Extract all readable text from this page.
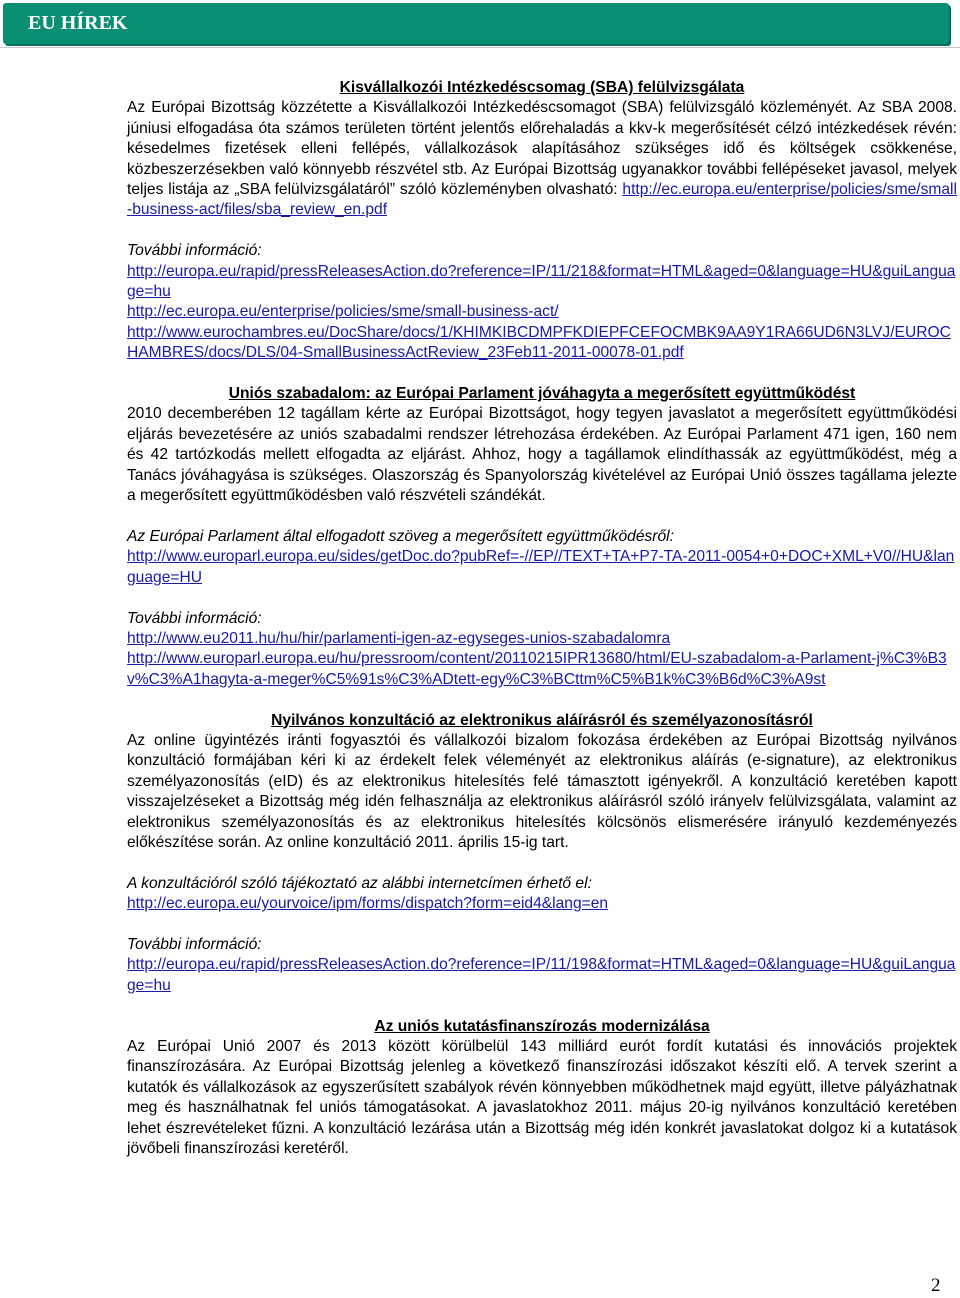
EU HÍREK
Kisvállalkozói Intézkedéscsomag (SBA) felülvizsgálata

Az Európai Bizottság közzétette a Kisvállalkozói Intézkedéscsomagot (SBA) felülvizsgáló közleményét. Az SBA 2008. júniusi elfogadása óta számos területen történt jelentős előrehaladás a kkv-k megerősítését célzó intézkedések révén: késedelmes fizetések elleni fellépés, vállalkozások alapításához szükséges idő és költségek csökkenése, közbeszerzésekben való könnyebb részvétel stb. Az Európai Bizottság ugyanakkor további fellépéseket javasol, melyek teljes listája az „SBA felülvizsgálatáról” szóló közleményben olvasható: http://ec.europa.eu/enterprise/policies/sme/small-business-act/files/sba_review_en.pdf

További információ:

http://europa.eu/rapid/pressReleasesAction.do?reference=IP/11/218&format=HTML&aged=0&language=HU&guiLanguage=hu

http://ec.europa.eu/enterprise/policies/sme/small-business-act/

http://www.eurochambres.eu/DocShare/docs/1/KHIMKIBCDMPFKDIEPFCEFOCMBK9AA9Y1RA66UD6N3LVJ/EUROCHAMBRES/docs/DLS/04-SmallBusinessActReview_23Feb11-2011-00078-01.pdf

Uniós szabadalom: az Európai Parlament jóváhagyta a megerősített együttműködést

2010 decemberében 12 tagállam kérte az Európai Bizottságot, hogy tegyen javaslatot a megerősített együttműködési eljárás bevezetésére az uniós szabadalmi rendszer létrehozása érdekében. Az Európai Parlament 471 igen, 160 nem és 42 tartózkodás mellett elfogadta az eljárást. Ahhoz, hogy a tagállamok elindíthassák az együttműködést, még a Tanács jóváhagyása is szükséges. Olaszország és Spanyolország kivételével az Európai Unió összes tagállama jelezte a megerősített együttműködésben való részvételi szándékát.

Az Európai Parlament által elfogadott szöveg a megerősített együttműködésről:

http://www.europarl.europa.eu/sides/getDoc.do?pubRef=-//EP//TEXT+TA+P7-TA-2011-0054+0+DOC+XML+V0//HU&language=HU

További információ:

http://www.eu2011.hu/hu/hir/parlamenti-igen-az-egyseges-unios-szabadalomra

http://www.europarl.europa.eu/hu/pressroom/content/20110215IPR13680/html/EU-szabadalom-a-Parlament-j%C3%B3v%C3%A1hagyta-a-meger%C5%91s%C3%ADtett-egy%C3%BCttm%C5%B1k%C3%B6d%C3%A9st

Nyilvános konzultáció az elektronikus aláírásról és személyazonosításról

Az online ügyintézés iránti fogyasztói és vállalkozói bizalom fokozása érdekében az Európai Bizottság nyilvános konzultáció formájában kéri ki az érdekelt felek véleményét az elektronikus aláírás (e-signature), az elektronikus személyazonosítás (eID) és az elektronikus hitelesítés felé támasztott igényekről. A konzultáció keretében kapott visszajelzéseket a Bizottság még idén felhasználja az elektronikus aláírásról szóló irányelv felülvizsgálata, valamint az elektronikus személyazonosítás és az elektronikus hitelesítés kölcsönös elismerésére irányuló kezdeményezés előkészítése során. Az online konzultáció 2011. április 15-ig tart.

A konzultációról szóló tájékoztató az alábbi internetcímen érhető el:

http://ec.europa.eu/yourvoice/ipm/forms/dispatch?form=eid4&lang=en

További információ:

http://europa.eu/rapid/pressReleasesAction.do?reference=IP/11/198&format=HTML&aged=0&language=HU&guiLanguage=hu

Az uniós kutatásfinanszírozás modernizálása

Az Európai Unió 2007 és 2013 között körülbelül 143 milliárd eurót fordít kutatási és innovációs projektek finanszírozására. Az Európai Bizottság jelenleg a következő finanszírozási időszakot készíti elő. A tervek szerint a kutatók és vállalkozások az egyszerűsített szabályok révén könnyebben működhetnek majd együtt, illetve pályázhatnak meg és használhatnak fel uniós támogatásokat. A javaslatokhoz 2011. május 20-ig nyilvános konzultáció keretében lehet észrevételeket fűzni. A konzultáció lezárása után a Bizottság még idén konkrét javaslatokat dolgoz ki a kutatások jövőbeli finanszírozási keretéről.

2
